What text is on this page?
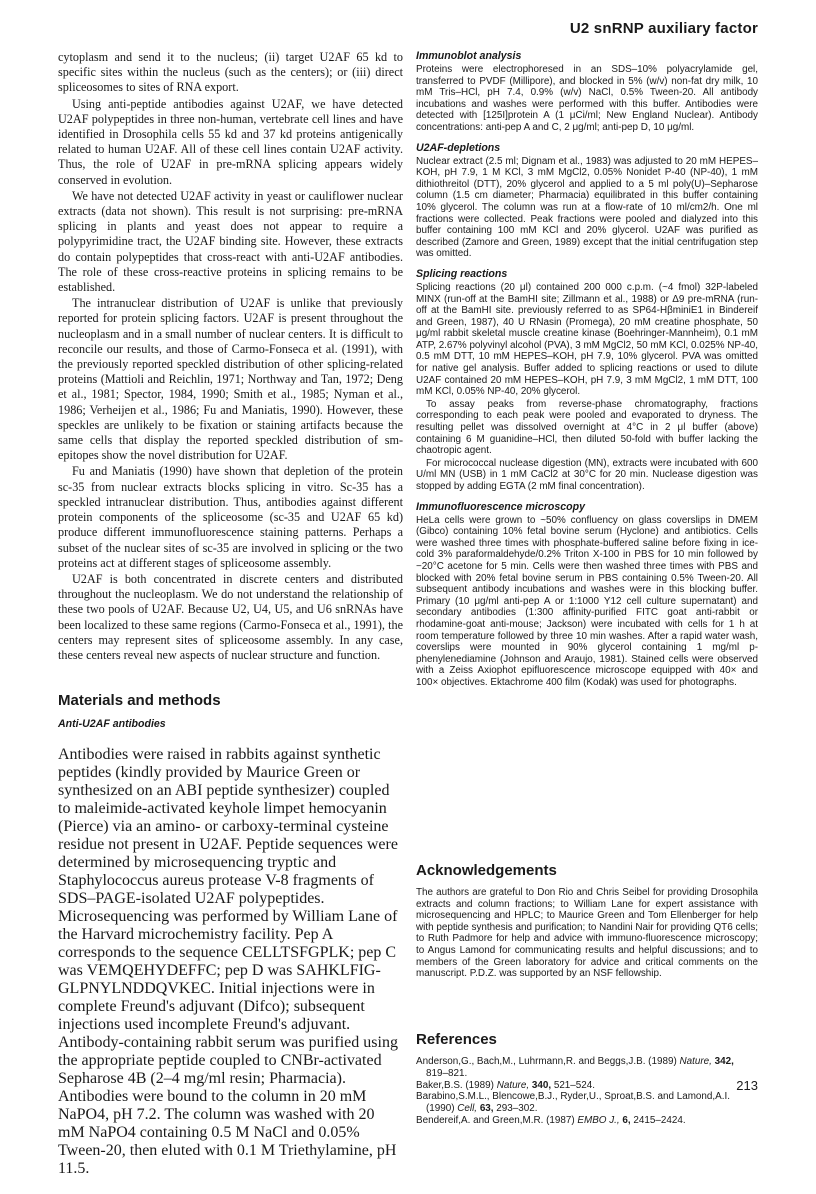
U2 snRNP auxiliary factor

cytoplasm and send it to the nucleus; (ii) target U2AF 65 kd to specific sites within the nucleus (such as the centers); or (iii) direct spliceosomes to sites of RNA export.

Using anti-peptide antibodies against U2AF, we have detected U2AF polypeptides in three non-human, vertebrate cell lines and have identified in Drosophila cells 55 kd and 37 kd proteins antigenically related to human U2AF. All of these cell lines contain U2AF activity. Thus, the role of U2AF in pre-mRNA splicing appears widely conserved in evolution.

We have not detected U2AF activity in yeast or cauliflower nuclear extracts (data not shown). This result is not surprising: pre-mRNA splicing in plants and yeast does not appear to require a polypyrimidine tract, the U2AF binding site. However, these extracts do contain polypeptides that cross-react with anti-U2AF antibodies. The role of these cross-reactive proteins in splicing remains to be established.

The intranuclear distribution of U2AF is unlike that previously reported for protein splicing factors. U2AF is present throughout the nucleoplasm and in a small number of nuclear centers. It is difficult to reconcile our results, and those of Carmo-Fonseca et al. (1991), with the previously reported speckled distribution of other splicing-related proteins (Mattioli and Reichlin, 1971; Northway and Tan, 1972; Deng et al., 1981; Spector, 1984, 1990; Smith et al., 1985; Nyman et al., 1986; Verheijen et al., 1986; Fu and Maniatis, 1990). However, these speckles are unlikely to be fixation or staining artifacts because the same cells that display the reported speckled distribution of sm-epitopes show the novel distribution for U2AF.

Fu and Maniatis (1990) have shown that depletion of the protein sc-35 from nuclear extracts blocks splicing in vitro. Sc-35 has a speckled intranuclear distribution. Thus, antibodies against different protein components of the spliceosome (sc-35 and U2AF 65 kd) produce different immunofluorescence staining patterns. Perhaps a subset of the nuclear sites of sc-35 are involved in splicing or the two proteins act at different stages of spliceosome assembly.

U2AF is both concentrated in discrete centers and distributed throughout the nucleoplasm. We do not understand the relationship of these two pools of U2AF. Because U2, U4, U5, and U6 snRNAs have been localized to these same regions (Carmo-Fonseca et al., 1991), the centers may represent sites of spliceosome assembly. In any case, these centers reveal new aspects of nuclear structure and function.

Materials and methods
Anti-U2AF antibodies

Antibodies were raised in rabbits against synthetic peptides (kindly provided by Maurice Green or synthesized on an ABI peptide synthesizer) coupled to maleimide-activated keyhole limpet hemocyanin (Pierce) via an amino- or carboxy-terminal cysteine residue not present in U2AF. Peptide sequences were determined by microsequencing tryptic and Staphylococcus aureus protease V-8 fragments of SDS–PAGE-isolated U2AF polypeptides. Microsequencing was performed by William Lane of the Harvard microchemistry facility. Pep A corresponds to the sequence CELLTSFGPLK; pep C was VEMQEHYDEFFC; pep D was SAHKLFIG-GLPNYLNDDQVKEC. Initial injections were in complete Freund's adjuvant (Difco); subsequent injections used incomplete Freund's adjuvant. Antibody-containing rabbit serum was purified using the appropriate peptide coupled to CNBr-activated Sepharose 4B (2–4 mg/ml resin; Pharmacia). Antibodies were bound to the column in 20 mM NaPO4, pH 7.2. The column was washed with 20 mM NaPO4 containing 0.5 M NaCl and 0.05% Tween-20, then eluted with 0.1 M Triethylamine, pH 11.5.

Immunoblot analysis

Proteins were electrophoresed in an SDS–10% polyacrylamide gel, transferred to PVDF (Millipore), and blocked in 5% (w/v) non-fat dry milk, 10 mM Tris–HCl, pH 7.4, 0.9% (w/v) NaCl, 0.5% Tween-20. All antibody incubations and washes were performed with this buffer. Antibodies were detected with [125I]protein A (1 μCi/ml; New England Nuclear). Antibody concentrations: anti-pep A and C, 2 μg/ml; anti-pep D, 10 μg/ml.

U2AF-depletions

Nuclear extract (2.5 ml; Dignam et al., 1983) was adjusted to 20 mM HEPES–KOH, pH 7.9, 1 M KCl, 3 mM MgCl2, 0.05% Nonidet P-40 (NP-40), 1 mM dithiothreitol (DTT), 20% glycerol and applied to a 5 ml poly(U)–Sepharose column (1.5 cm diameter; Pharmacia) equilibrated in this buffer containing 10% glycerol. The column was run at a flow-rate of 10 ml/cm2/h. One ml fractions were collected. Peak fractions were pooled and dialyzed into this buffer containing 100 mM KCl and 20% glycerol. U2AF was purified as described (Zamore and Green, 1989) except that the initial centrifugation step was omitted.

Splicing reactions

Splicing reactions (20 μl) contained 200 000 c.p.m. (~4 fmol) 32P-labeled MINX (run-off at the BamHI site; Zillmann et al., 1988) or Δ9 pre-mRNA (run-off at the BamHI site. previously referred to as SP64-HβminiE1 in Bindereif and Green, 1987), 40 U RNasin (Promega), 20 mM creatine phosphate, 50 μg/ml rabbit skeletal muscle creatine kinase (Boehringer-Mannheim), 0.1 mM ATP, 2.67% polyvinyl alcohol (PVA), 3 mM MgCl2, 50 mM KCl, 0.025% NP-40, 0.5 mM DTT, 10 mM HEPES–KOH, pH 7.9, 10% glycerol. PVA was omitted for native gel analysis. Buffer added to splicing reactions or used to dilute U2AF contained 20 mM HEPES–KOH, pH 7.9, 3 mM MgCl2, 1 mM DTT, 100 mM KCl, 0.05% NP-40, 20% glycerol.

To assay peaks from reverse-phase chromatography, fractions corresponding to each peak were pooled and evaporated to dryness. The resulting pellet was dissolved overnight at 4°C in 2 μl buffer (above) containing 6 M guanidine–HCl, then diluted 50-fold with buffer lacking the chaotropic agent.

For micrococcal nuclease digestion (MN), extracts were incubated with 600 U/ml MN (USB) in 1 mM CaCl2 at 30°C for 20 min. Nuclease digestion was stopped by adding EGTA (2 mM final concentration).

Immunofluorescence microscopy

HeLa cells were grown to ~50% confluency on glass coverslips in DMEM (Gibco) containing 10% fetal bovine serum (Hyclone) and antibiotics. Cells were washed three times with phosphate-buffered saline before fixing in ice-cold 3% paraformaldehyde/0.2% Triton X-100 in PBS for 10 min followed by −20°C acetone for 5 min. Cells were then washed three times with PBS and blocked with 20% fetal bovine serum in PBS containing 0.5% Tween-20. All subsequent antibody incubations and washes were in this blocking buffer. Primary (10 μg/ml anti-pep A or 1:1000 Y12 cell culture supernatant) and secondary antibodies (1:300 affinity-purified FITC goat anti-rabbit or rhodamine-goat anti-mouse; Jackson) were incubated with cells for 1 h at room temperature followed by three 10 min washes. After a rapid water wash, coverslips were mounted in 90% glycerol containing 1 mg/ml p-phenylenediamine (Johnson and Araujo, 1981). Stained cells were observed with a Zeiss Axiophot epifluorescence microscope equipped with 40× and 100× objectives. Ektachrome 400 film (Kodak) was used for photographs.

Acknowledgements

The authors are grateful to Don Rio and Chris Seibel for providing Drosophila extracts and column fractions; to William Lane for expert assistance with microsequencing and HPLC; to Maurice Green and Tom Ellenberger for help with peptide synthesis and purification; to Nandini Nair for providing QT6 cells; to Ruth Padmore for help and advice with immuno-fluorescence microscopy; to Angus Lamond for communicating results and helpful discussions; and to members of the Green laboratory for advice and critical comments on the manuscript. P.D.Z. was supported by an NSF fellowship.

References
Anderson,G., Bach,M., Luhrmann,R. and Beggs,J.B. (1989) Nature, 342, 819–821.
Baker,B.S. (1989) Nature, 340, 521–524.
Barabino,S.M.L., Blencowe,B.J., Ryder,U., Sproat,B.S. and Lamond,A.I. (1990) Cell, 63, 293–302.
Bendereif,A. and Green,M.R. (1987) EMBO J., 6, 2415–2424.
213
